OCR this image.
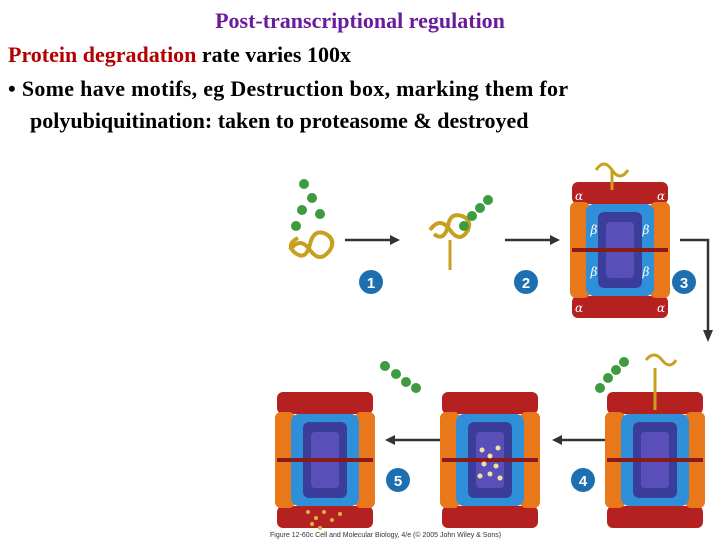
Post-transcriptional regulation
Protein degradation rate varies 100x
• Some have motifs, eg Destruction box, marking them for
polyubiquitination: taken to proteasome & destroyed
1	2
α	α
β	β
β	β
α	α
3
4
5
Figure 12-60c Cell and Molecular Biology, 4/e (© 2005 John Wiley & Sons)
